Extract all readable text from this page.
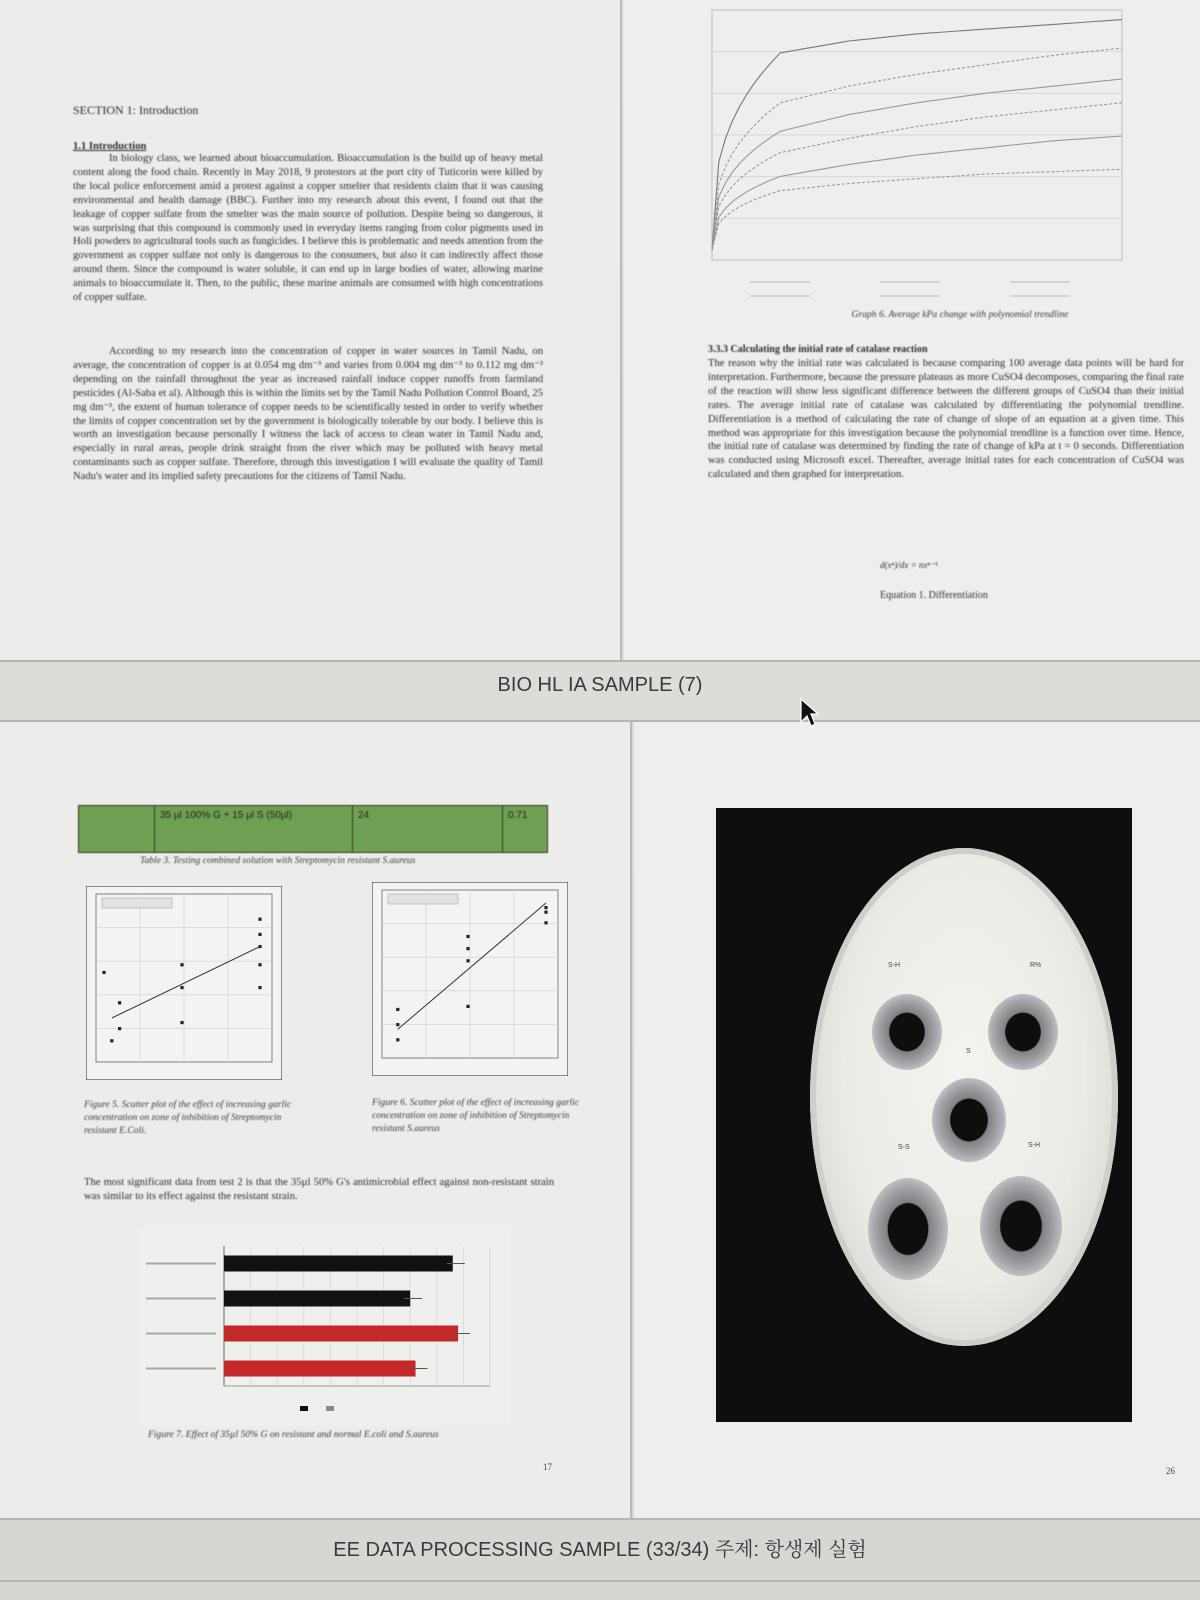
SECTION 1: Introduction
1.1 Introduction

In biology class, we learned about bioaccumulation. Bioaccumulation is the build up of heavy metal content along the food chain. Recently in May 2018, 9 protestors at the port city of Tuticorin were killed by the local police enforcement amid a protest against a copper smelter that residents claim that it was causing environmental and health damage (BBC). Further into my research about this event, I found out that the leakage of copper sulfate from the smelter was the main source of pollution. Despite being so dangerous, it was surprising that this compound is commonly used in everyday items ranging from color pigments used in Holi powders to agricultural tools such as fungicides. I believe this is problematic and needs attention from the government as copper sulfate not only is dangerous to the consumers, but also it can indirectly affect those around them. Since the compound is water soluble, it can end up in large bodies of water, allowing marine animals to bioaccumulate it. Then, to the public, these marine animals are consumed with high concentrations of copper sulfate.

According to my research into the concentration of copper in water sources in Tamil Nadu, on average, the concentration of copper is at 0.054 mg dm⁻³ and varies from 0.004 mg dm⁻³ to 0.112 mg dm⁻³ depending on the rainfall throughout the year as increased rainfall induce copper runoffs from farmland pesticides (Al-Saba et al). Although this is within the limits set by the Tamil Nadu Pollution Control Board, 25 mg dm⁻³, the extent of human tolerance of copper needs to be scientifically tested in order to verify whether the limits of copper concentration set by the government is biologically tolerable by our body. I believe this is worth an investigation because personally I witness the lack of access to clean water in Tamil Nadu and, especially in rural areas, people drink straight from the river which may be polluted with heavy metal contaminants such as copper sulfate. Therefore, through this investigation I will evaluate the quality of Tamil Nadu's water and its implied safety precautions for the citizens of Tamil Nadu.

Graph 6. Average kPa change with polynomial trendline
3.3.3 Calculating the initial rate of catalase reaction

The reason why the initial rate was calculated is because comparing 100 average data points will be hard for interpretation. Furthermore, because the pressure plateaus as more CuSO4 decomposes, comparing the final rate of the reaction will show less significant difference between the different groups of CuSO4 than their initial rates. The average initial rate of catalase was calculated by differentiating the polynomial trendline. Differentiation is a method of calculating the rate of change of slope of an equation at a given time. This method was appropriate for this investigation because the polynomial trendline is a function over time. Hence, the initial rate of catalase was determined by finding the rate of change of kPa at t = 0 seconds. Differentiation was conducted using Microsoft excel. Thereafter, average initial rates for each concentration of CuSO4 was calculated and then graphed for interpretation.

d(xⁿ)/dx = nxⁿ⁻¹
Equation 1. Differentiation
BIO HL IA SAMPLE (7)
EE DATA PROCESSING SAMPLE (33/34) 주제: 항생제 실험
35 µl 100% G + 15 µl S (50µl)	24	0.71
Table 3. Testing combined solution with Streptomycin resistant S.aureus
Figure 5. Scatter plot of the effect of increasing garlic concentration on zone of inhibition of Streptomycin resistant E.Coli.
Figure 6. Scatter plot of the effect of increasing garlic concentration on zone of inhibition of Streptomycin resistant S.aureus
The most significant data from test 2 is that the 35µl 50% G's antimicrobial effect against non-resistant strain was similar to its effect against the resistant strain.
Figure 7. Effect of 35µl 50% G on resistant and normal E.coli and S.aureus
17
S-H	R%
S
S-S	S-H
26
